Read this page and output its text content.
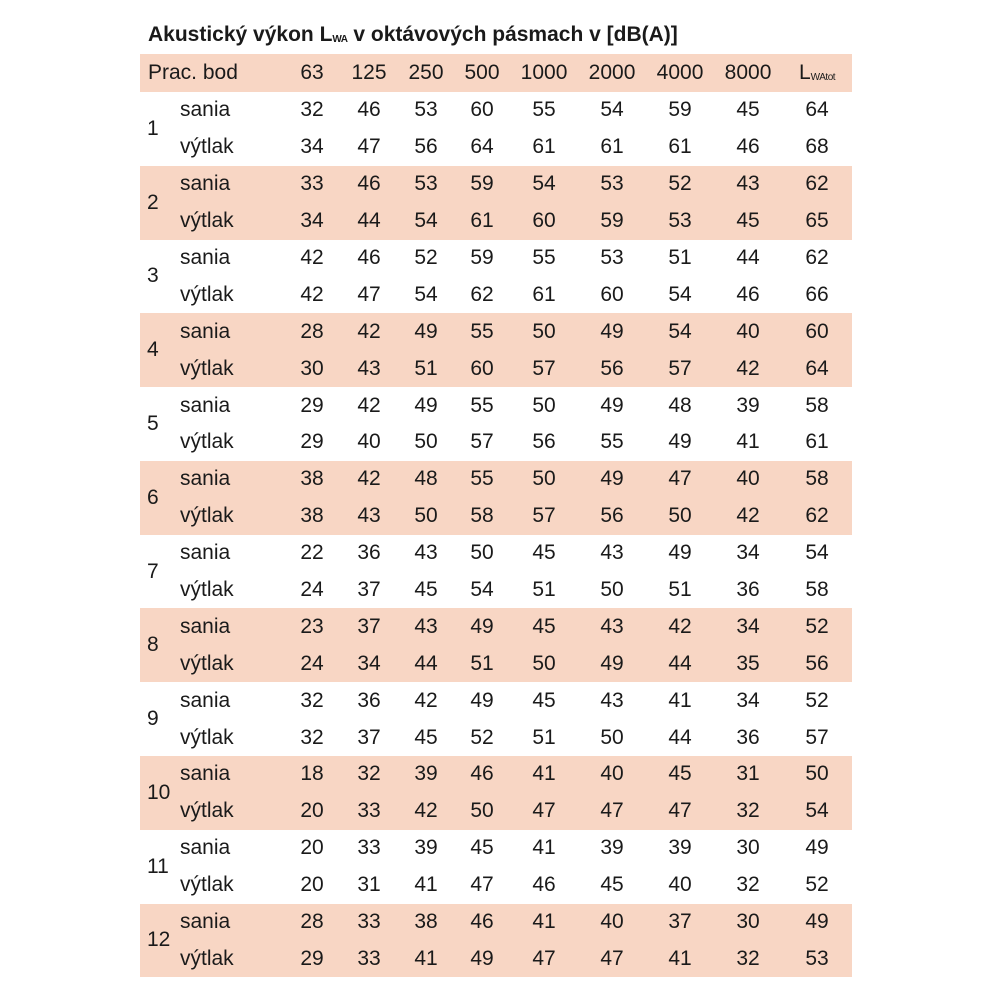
Akustický výkon $L_{WA}$ v oktávových pásmach v [dB(A)]
Prac. bod		63	125	250	500	1000	2000	4000	8000	$L_{WAtot}$
1	sania	32	46	53	60	55	54	59	45	64
	výtlak	34	47	56	64	61	61	61	46	68
2	sania	33	46	53	59	54	53	52	43	62
	výtlak	34	44	54	61	60	59	53	45	65
3	sania	42	46	52	59	55	53	51	44	62
	výtlak	42	47	54	62	61	60	54	46	66
4	sania	28	42	49	55	50	49	54	40	60
	výtlak	30	43	51	60	57	56	57	42	64
5	sania	29	42	49	55	50	49	48	39	58
	výtlak	29	40	50	57	56	55	49	41	61
6	sania	38	42	48	55	50	49	47	40	58
	výtlak	38	43	50	58	57	56	50	42	62
7	sania	22	36	43	50	45	43	49	34	54
	výtlak	24	37	45	54	51	50	51	36	58
8	sania	23	37	43	49	45	43	42	34	52
	výtlak	24	34	44	51	50	49	44	35	56
9	sania	32	36	42	49	45	43	41	34	52
	výtlak	32	37	45	52	51	50	44	36	57
10	sania	18	32	39	46	41	40	45	31	50
	výtlak	20	33	42	50	47	47	47	32	54
11	sania	20	33	39	45	41	39	39	30	49
	výtlak	20	31	41	47	46	45	40	32	52
12	sania	28	33	38	46	41	40	37	30	49
	výtlak	29	33	41	49	47	47	41	32	53
